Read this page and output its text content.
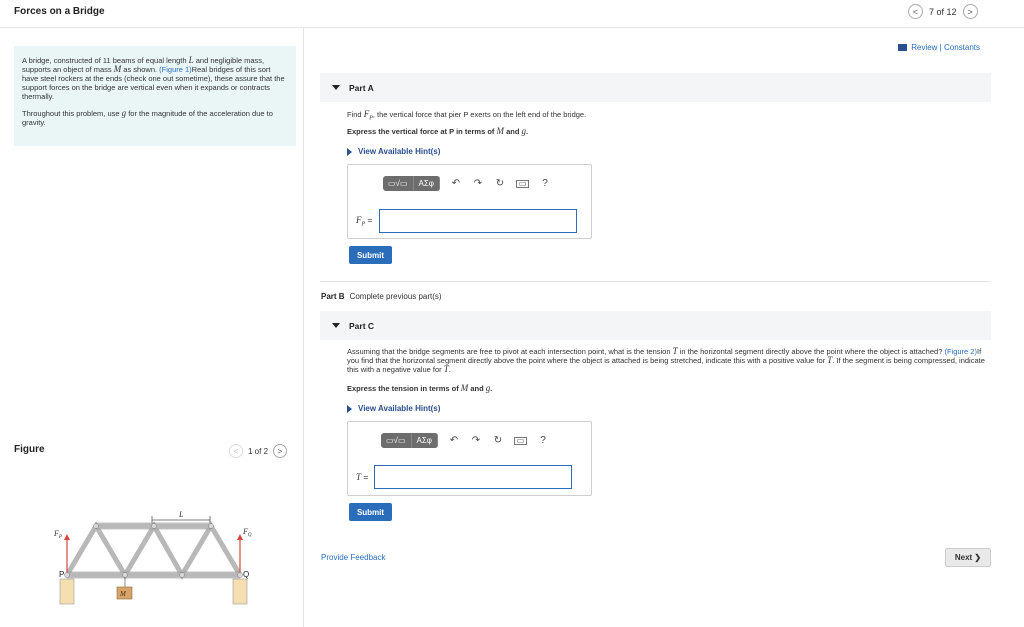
Forces on a Bridge	< 7 of 12 >
Review | Constants

A bridge, constructed of 11 beams of equal length L and negligible mass, supports an object of mass M as shown. (Figure 1)Real bridges of this sort have steel rockers at the ends (check one out sometime), these assure that the support forces on the bridge are vertical even when it expands or contracts thermally.

Throughout this problem, use g for the magnitude of the acceleration due to gravity.

Part A
Find $F_P$, the vertical force that pier P exerts on the left end of the bridge.
Express the vertical force at P in terms of M and g.
View Available Hint(s)
▭√▭	ΑΣφ	↶ ↷ ↻	▭	?
$F_P$ =
Submit
Part B Complete previous part(s)
Part C
Assuming that the bridge segments are free to pivot at each intersection point, what is the tension T in the horizontal segment directly above the point where the object is attached? (Figure 2)If you find that the horizontal segment directly above the point where the object is attached is being stretched, indicate this with a positive value for T. If the segment is being compressed, indicate this with a negative value for T.
Express the tension in terms of M and g.
View Available Hint(s)
▭√▭	ΑΣφ	↶ ↷ ↻	▭	?
T =
Submit
Provide Feedback	Next ❯
Figure	< 1 of 2 >
L
P	Q
$F_P$
$F_Q$
M
